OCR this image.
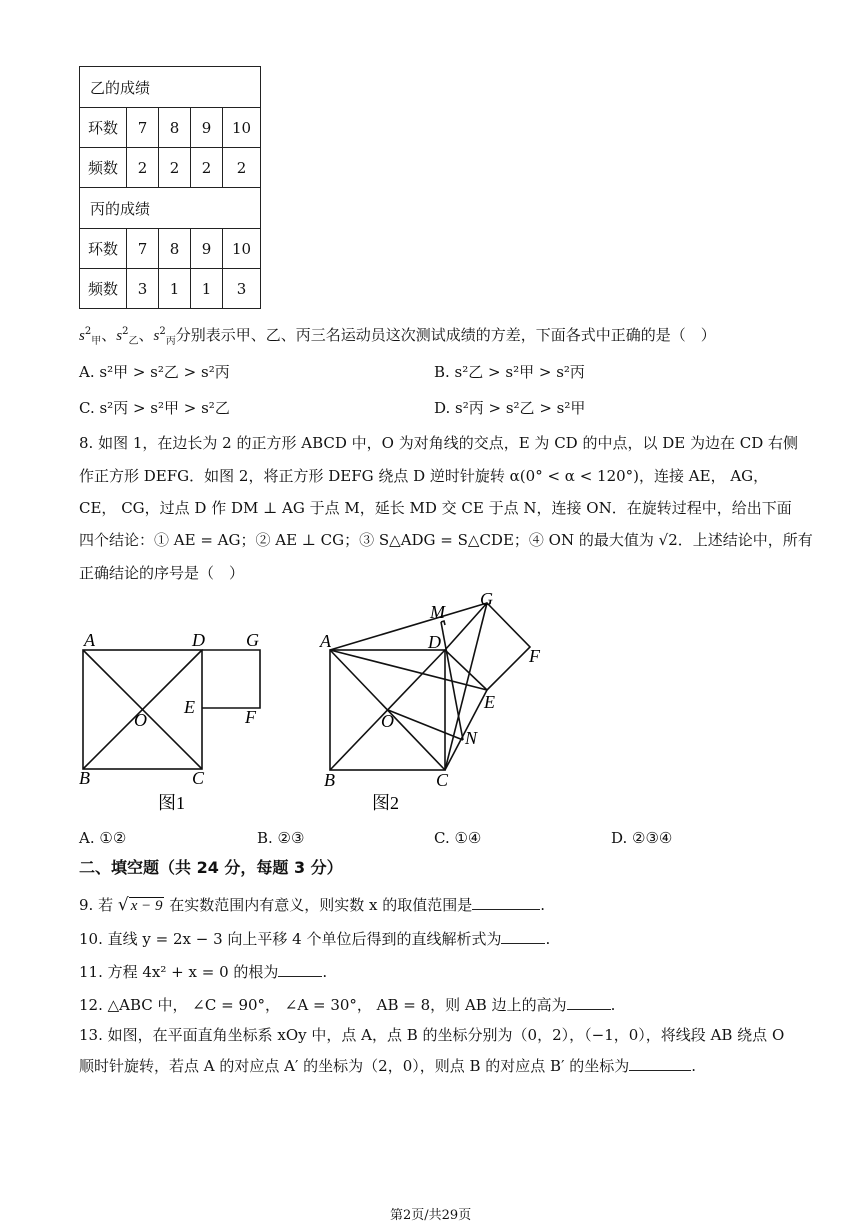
乙的成绩				
环数	7	8	9	10
频数	2	2	2	2
丙的成绩				
环数	7	8	9	10
频数	3	1	1	3
$s^2_甲$、$s^2_乙$、$s^2_丙$分别表示甲、乙、丙三名运动员这次测试成绩的方差，下面各式中正确的是（　）
A. s²甲 > s²乙 > s²丙	B. s²乙 > s²甲 > s²丙
C. s²丙 > s²甲 > s²乙	D. s²丙 > s²乙 > s²甲
8. 如图 1，在边长为 2 的正方形 ABCD 中，O 为对角线的交点，E 为 CD 的中点，以 DE 为边在 CD 右侧
作正方形 DEFG．如图 2，将正方形 DEFG 绕点 D 逆时针旋转 α(0° < α < 120°)，连接 AE， AG，
CE， CG，过点 D 作 DM ⊥ AG 于点 M，延长 MD 交 CE 于点 N，连接 ON．在旋转过程中，给出下面
四个结论：① AE = AG；② AE ⊥ CG；③ S△ADG = S△CDE；④ ON 的最大值为 √2．上述结论中，所有
正确结论的序号是（　）
A	D G
E	F
O
B	C
图1
M
G
A	D
F
E
O
N
B	C
图2
A. ①②	B. ②③	C. ①④	D. ②③④
二、填空题（共 24 分，每题 3 分）
9. 若 √ x − 9 在实数范围内有意义，则实数 x 的取值范围是	.
10. 直线 y = 2x − 3 向上平移 4 个单位后得到的直线解析式为	.
11. 方程 4x² + x = 0 的根为	.
12. △ABC 中， ∠C = 90°， ∠A = 30°， AB = 8，则 AB 边上的高为	.
13. 如图，在平面直角坐标系 xOy 中，点 A，点 B 的坐标分别为（0，2），（−1，0），将线段 AB 绕点 O
顺时针旋转，若点 A 的对应点 A′ 的坐标为（2，0），则点 B 的对应点 B′ 的坐标为	.
第2页/共29页
